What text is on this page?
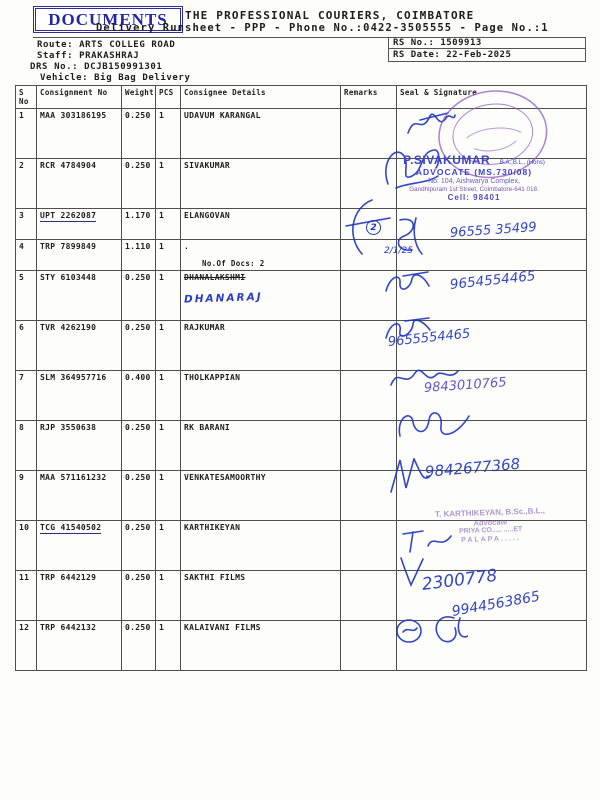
DOCUMENTS THE PROFESSIONAL COURIERS, COIMBATORE
Delivery Runsheet - PPP - Phone No.:0422-3505555 - Page No.:1
Route: ARTS COLLEG ROAD
Staff: PRAKASHRAJ
DRS No.: DCJB150991301
Vehicle: Big Bag Delivery
RS No.: 1509913
RS Date: 22-Feb-2025
S No	Consignment No	Weight	PCS	Consignee Details	Remarks	Seal & Signature
1	MAA 303186195	0.250	1	UDAVUM KARANGAL		
2	RCR 4784904	0.250	1	SIVAKUMAR		
3	UPT 2262087	1.170	1	ELANGOVAN		
4	TRP 7899849	1.110	1	.
No.Of Docs: 2		

5	STY 6103448	0.250	1	DHANALAKSHMI
DHANARAJ		

6	TVR 4262190	0.250	1	RAJKUMAR		
7	SLM 364957716	0.400	1	THOLKAPPIAN		
8	RJP 3550638	0.250	1	RK BARANI		
9	MAA 571161232	0.250	1	VENKATESAMOORTHY		
10	TCG 41540502	0.250	1	KARTHIKEYAN		
11	TRP 6442129	0.250	1	SAKTHI FILMS		
12	TRP 6442132	0.250	1	KALAIVANI FILMS		
P.SIVAKUMAR B.A.,B.L., (Hons)
ADVOCATE (MS.730/08)
No: 104, Aishwarya Complex,
Gandhipuram 1st Street, Coimbatore-641 018.
Cell: 98401
2
2/1/25
96555 35499
9654554465
9655554465
9843010765
9842677368
T. KARTHIKEYAN, B.Sc.,B.L.,
Advocate
PRIYA CO..... .....ET
PALAPA.....
2300778
9944563865
